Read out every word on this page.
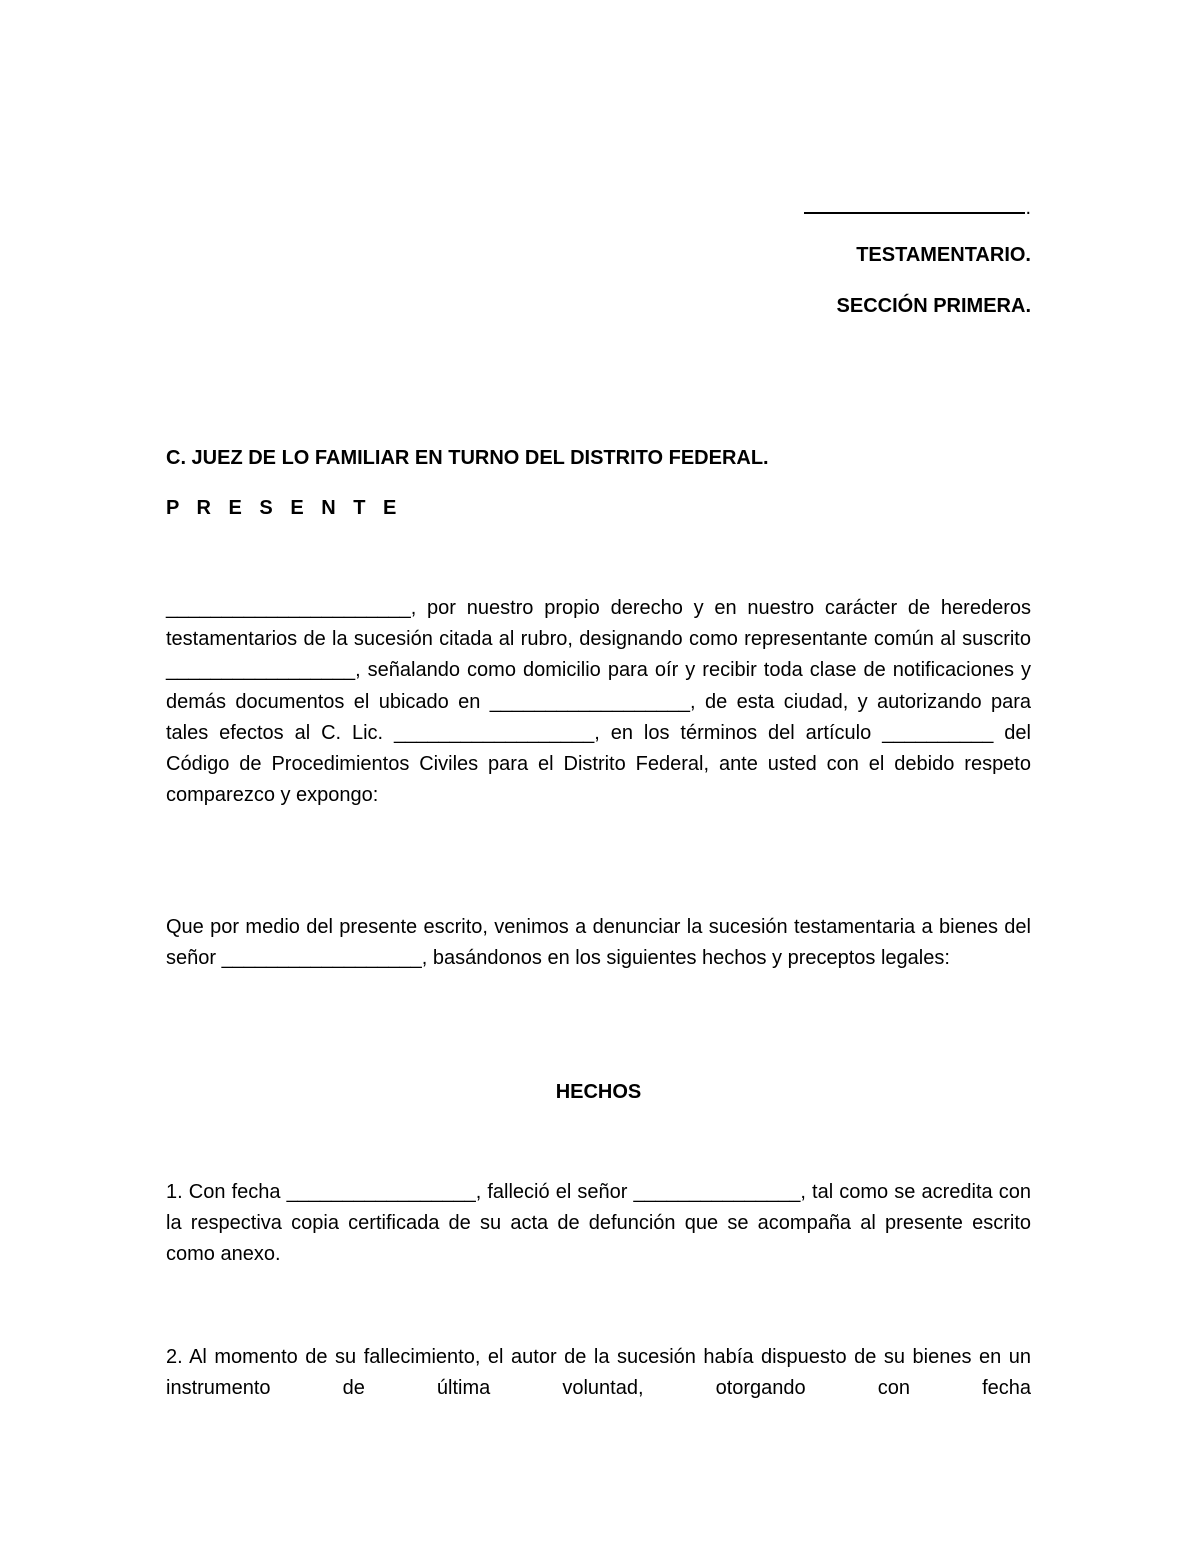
.
TESTAMENTARIO.
SECCIÓN PRIMERA.
C. JUEZ DE LO FAMILIAR EN TURNO DEL DISTRITO FEDERAL.
P R E S E N T E
______________________, por nuestro propio derecho y en nuestro carácter de herederos testamentarios de la sucesión citada al rubro, designando como representante común al suscrito _________________, señalando como domicilio para oír y recibir toda clase de notificaciones y demás documentos el ubicado en __________________, de esta ciudad, y autorizando para tales efectos al C. Lic. __________________, en los términos del artículo __________ del Código de Procedimientos Civiles para el Distrito Federal, ante usted con el debido respeto comparezco y expongo:
Que por medio del presente escrito, venimos a denunciar la sucesión testamentaria a bienes del señor __________________, basándonos en los siguientes hechos y preceptos legales:
HECHOS
1. Con fecha _________________, falleció el señor _______________, tal como se acredita con la respectiva copia certificada de su acta de defunción que se acompaña al presente escrito como anexo.
2. Al momento de su fallecimiento, el autor de la sucesión había dispuesto de su bienes en un instrumento de última voluntad, otorgando con fecha
